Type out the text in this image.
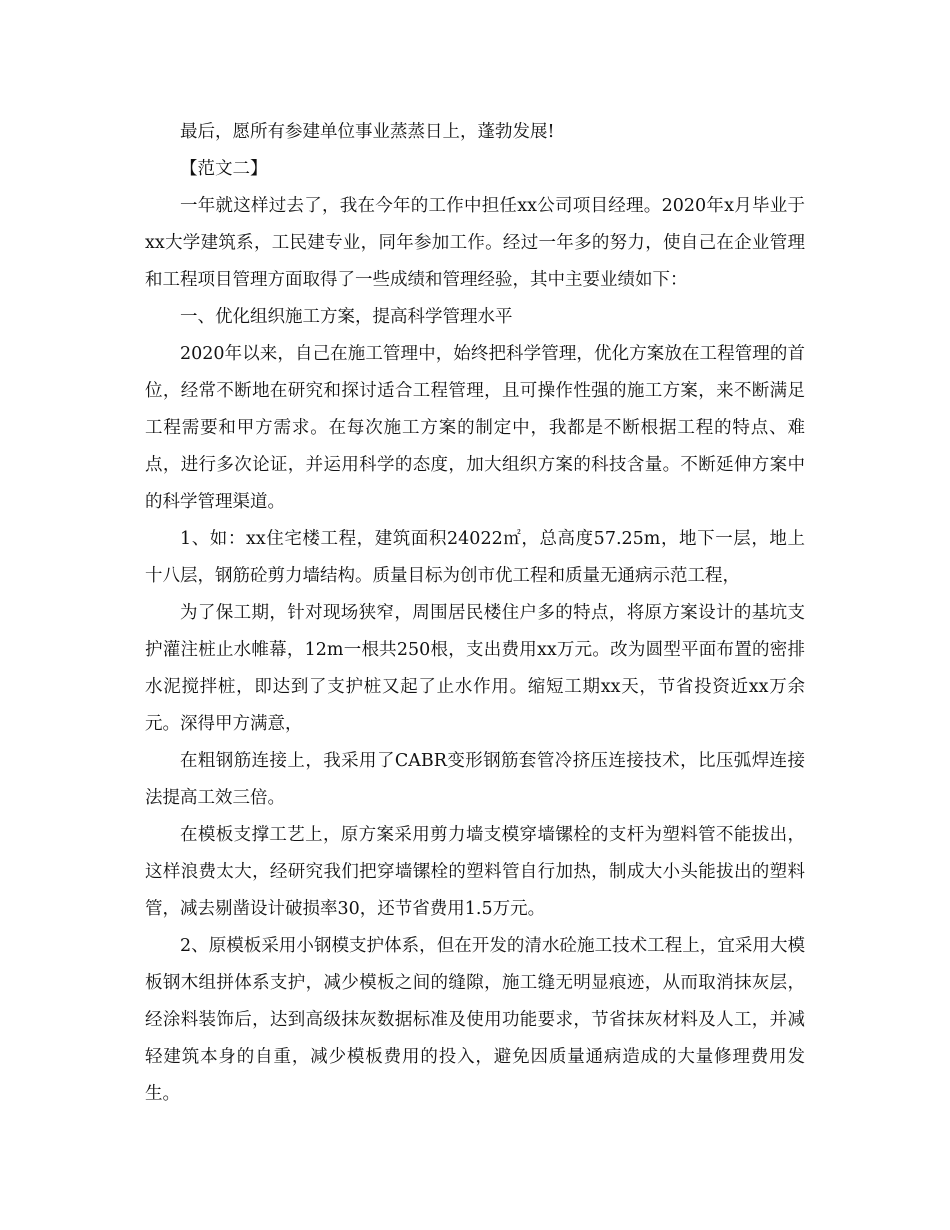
最后，愿所有参建单位事业蒸蒸日上，蓬勃发展!

【范文二】

一年就这样过去了，我在今年的工作中担任xx公司项目经理。2020年x月毕业于xx大学建筑系，工民建专业，同年参加工作。经过一年多的努力，使自己在企业管理和工程项目管理方面取得了一些成绩和管理经验，其中主要业绩如下：

一、优化组织施工方案，提高科学管理水平

2020年以来，自己在施工管理中，始终把科学管理，优化方案放在工程管理的首位，经常不断地在研究和探讨适合工程管理，且可操作性强的施工方案，来不断满足工程需要和甲方需求。在每次施工方案的制定中，我都是不断根据工程的特点、难点，进行多次论证，并运用科学的态度，加大组织方案的科技含量。不断延伸方案中的科学管理渠道。

1、如：xx住宅楼工程，建筑面积24022㎡，总高度57.25m，地下一层，地上十八层，钢筋砼剪力墙结构。质量目标为创市优工程和质量无通病示范工程，

为了保工期，针对现场狭窄，周围居民楼住户多的特点，将原方案设计的基坑支护灌注桩止水帷幕，12m一根共250根，支出费用xx万元。改为圆型平面布置的密排水泥搅拌桩，即达到了支护桩又起了止水作用。缩短工期xx天，节省投资近xx万余元。深得甲方满意，

在粗钢筋连接上，我采用了CABR变形钢筋套管冷挤压连接技术，比压弧焊连接法提高工效三倍。

在模板支撑工艺上，原方案采用剪力墙支模穿墙镙栓的支杆为塑料管不能拔出，这样浪费太大，经研究我们把穿墙镙栓的塑料管自行加热，制成大小头能拔出的塑料管，减去剔凿设计破损率30，还节省费用1.5万元。

2、原模板采用小钢模支护体系，但在开发的清水砼施工技术工程上，宜采用大模板钢木组拼体系支护，减少模板之间的缝隙，施工缝无明显痕迹，从而取消抹灰层，经涂料装饰后，达到高级抹灰数据标准及使用功能要求，节省抹灰材料及人工，并减轻建筑本身的自重，减少模板费用的投入，避免因质量通病造成的大量修理费用发生。
